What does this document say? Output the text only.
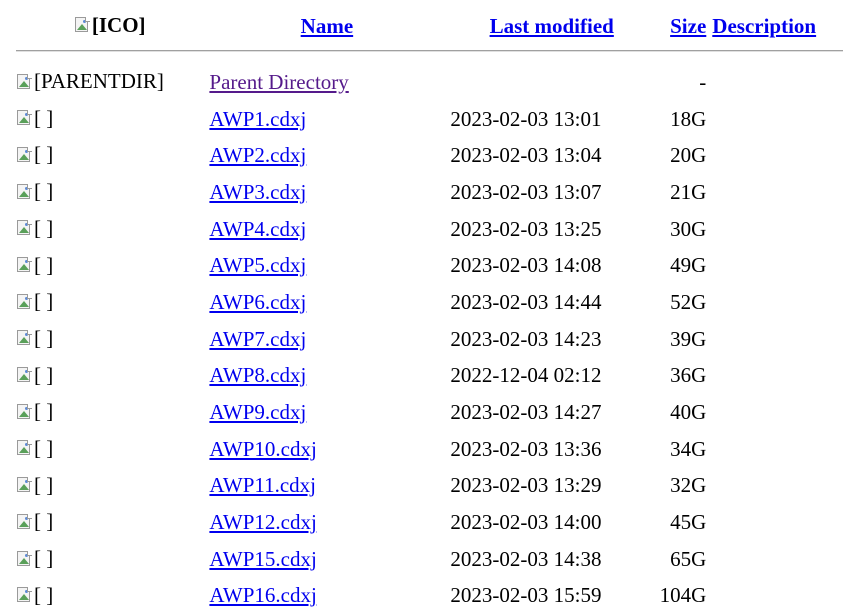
[ICO]	Name	Last modified	Size	Description

[PARENTDIR]	Parent Directory		-	

[ ]	AWP1.cdxj	2023-02-03 13:01	18G	

[ ]	AWP2.cdxj	2023-02-03 13:04	20G	

[ ]	AWP3.cdxj	2023-02-03 13:07	21G	

[ ]	AWP4.cdxj	2023-02-03 13:25	30G	

[ ]	AWP5.cdxj	2023-02-03 14:08	49G	

[ ]	AWP6.cdxj	2023-02-03 14:44	52G	

[ ]	AWP7.cdxj	2023-02-03 14:23	39G	

[ ]	AWP8.cdxj	2022-12-04 02:12	36G	

[ ]	AWP9.cdxj	2023-02-03 14:27	40G	

[ ]	AWP10.cdxj	2023-02-03 13:36	34G	

[ ]	AWP11.cdxj	2023-02-03 13:29	32G	

[ ]	AWP12.cdxj	2023-02-03 14:00	45G	

[ ]	AWP15.cdxj	2023-02-03 14:38	65G	

[ ]	AWP16.cdxj	2023-02-03 15:59	104G	
